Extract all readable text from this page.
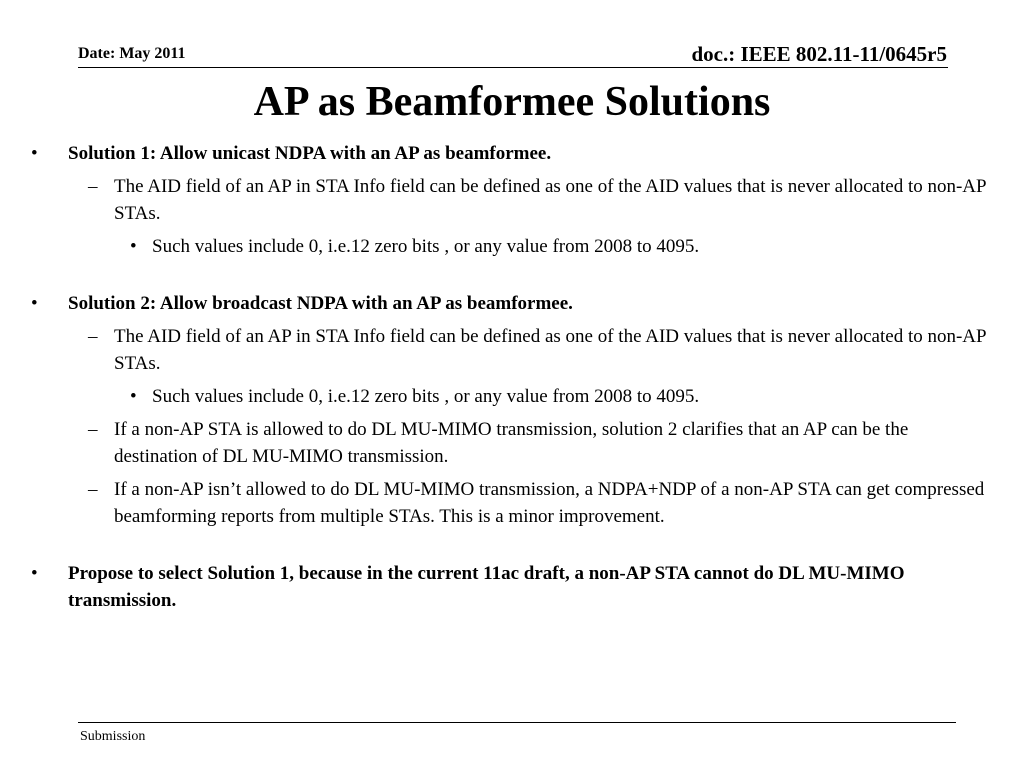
Date: May 2011	doc.: IEEE 802.11-11/0645r5
AP as Beamformee Solutions
• Solution 1: Allow unicast NDPA with an AP as beamformee.
– The AID field of an AP in STA Info field can be defined as one of the AID values that is never allocated to non-AP STAs.
• Such values include 0, i.e.12 zero bits , or any value from 2008 to 4095.
• Solution 2: Allow broadcast NDPA with an AP as beamformee.
– The AID field of an AP in STA Info field can be defined as one of the AID values that is never allocated to non-AP STAs.
• Such values include 0, i.e.12 zero bits , or any value from 2008 to 4095.
– If a non-AP STA is allowed to do DL MU-MIMO transmission, solution 2 clarifies that an AP can be the destination of DL MU-MIMO transmission.
– If a non-AP isn’t allowed to do DL MU-MIMO transmission, a NDPA+NDP of a non-AP STA can get compressed beamforming reports from multiple STAs. This is a minor improvement.
• Propose to select Solution 1, because in the current 11ac draft, a non-AP STA cannot do DL MU-MIMO transmission.
Submission
